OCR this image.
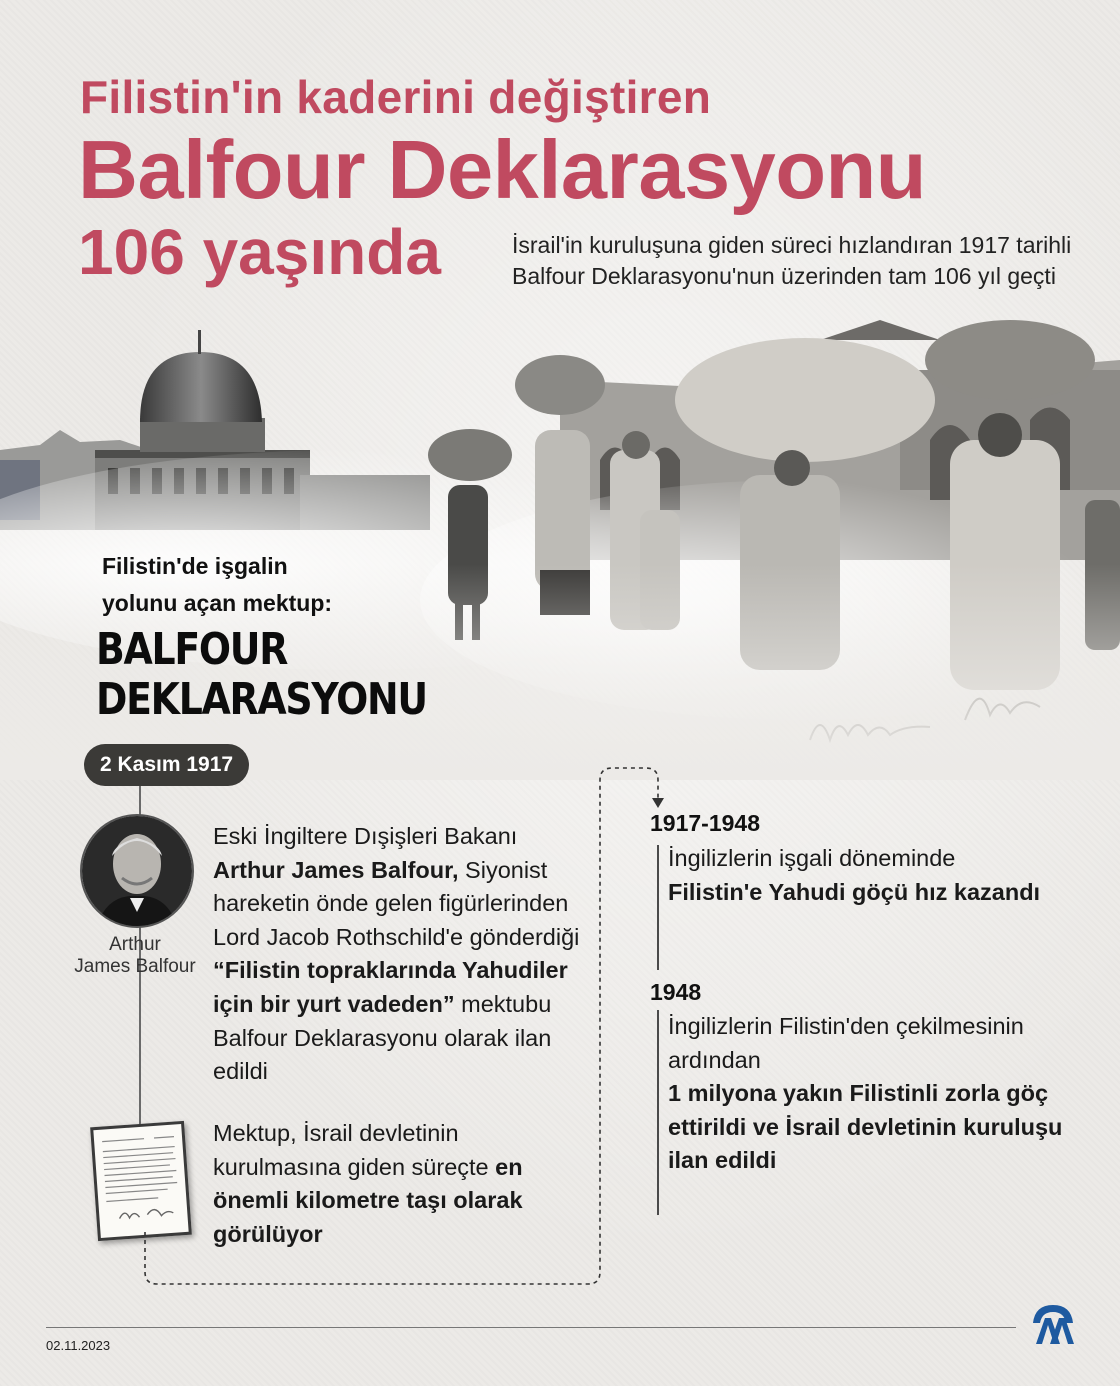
Filistin'in kaderini değiştiren
Balfour Deklarasyonu
106 yaşında	İsrail'in kuruluşuna giden süreci hızlandıran 1917 tarihli Balfour Deklarasyonu'nun üzerinden tam 106 yıl geçti
Filistin'de işgalin
yolunu açan mektup:
BALFOUR
DEKLARASYONU
2 Kasım 1917
Arthur
James Balfour
Eski İngiltere Dışişleri Bakanı Arthur James Balfour, Siyonist hareketin önde gelen figürlerinden Lord Jacob Rothschild'e gönderdiği “Filistin topraklarında Yahudiler için bir yurt vadeden” mektubu Balfour Deklarasyonu olarak ilan edildi
Mektup, İsrail devletinin kurulmasına giden süreçte en önemli kilometre taşı olarak görülüyor
1917-1948
İngilizlerin işgali döneminde
Filistin'e Yahudi göçü hız kazandı
1948
İngilizlerin Filistin'den çekilmesinin ardından
1 milyona yakın Filistinli zorla göç ettirildi ve İsrail devletinin kuruluşu ilan edildi
02.11.2023
